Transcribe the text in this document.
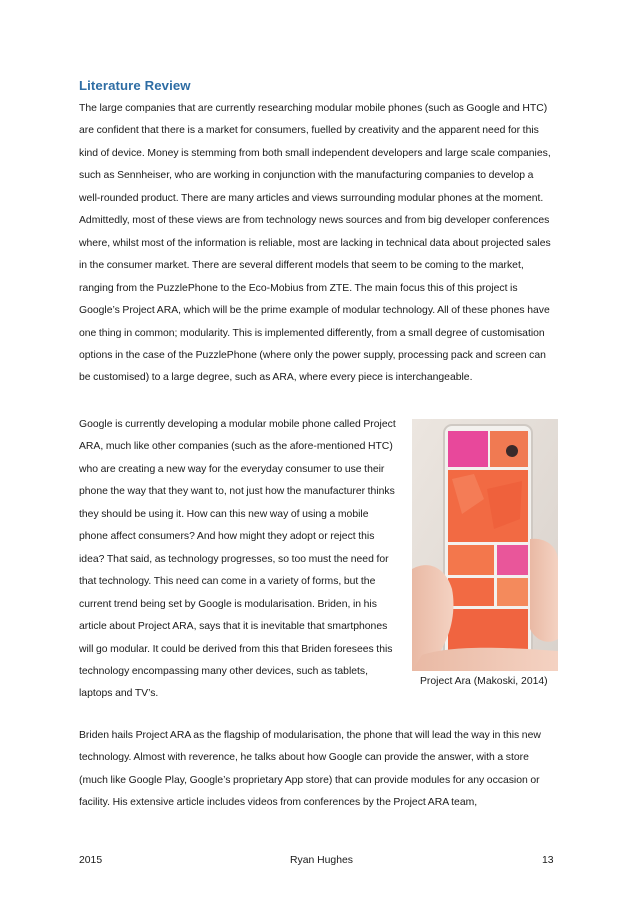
Literature Review

The large companies that are currently researching modular mobile phones (such as Google and HTC) are confident that there is a market for consumers, fuelled by creativity and the apparent need for this kind of device. Money is stemming from both small independent developers and large scale companies, such as Sennheiser, who are working in conjunction with the manufacturing companies to develop a well-rounded product. There are many articles and views surrounding modular phones at the moment. Admittedly, most of these views are from technology news sources and from big developer conferences where, whilst most of the information is reliable, most are lacking in technical data about projected sales in the consumer market. There are several different models that seem to be coming to the market, ranging from the PuzzlePhone to the Eco-Mobius from ZTE. The main focus this of this project is Google’s Project ARA, which will be the prime example of modular technology. All of these phones have one thing in common; modularity. This is implemented differently, from a small degree of customisation options in the case of the PuzzlePhone (where only the power supply, processing pack and screen can be customised) to a large degree, such as ARA, where every piece is interchangeable.

Google is currently developing a modular mobile phone called Project ARA, much like other companies (such as the afore-mentioned HTC) who are creating a new way for the everyday consumer to use their phone the way that they want to, not just how the manufacturer thinks they should be using it. How can this new way of using a mobile phone affect consumers? And how might they adopt or reject this idea? That said, as technology progresses, so too must the need for that technology. This need can come in a variety of forms, but the current trend being set by Google is modularisation. Briden, in his article about Project ARA, says that it is inevitable that smartphones will go modular. It could be derived from this that Briden foresees this technology encompassing many other devices, such as tablets, laptops and TV’s.

Project Ara (Makoski, 2014)

Briden hails Project ARA as the flagship of modularisation, the phone that will lead the way in this new technology. Almost with reverence, he talks about how Google can provide the answer, with a store (much like Google Play, Google’s proprietary App store) that can provide modules for any occasion or facility. His extensive article includes videos from conferences by the Project ARA team,

2015	Ryan Hughes	13
